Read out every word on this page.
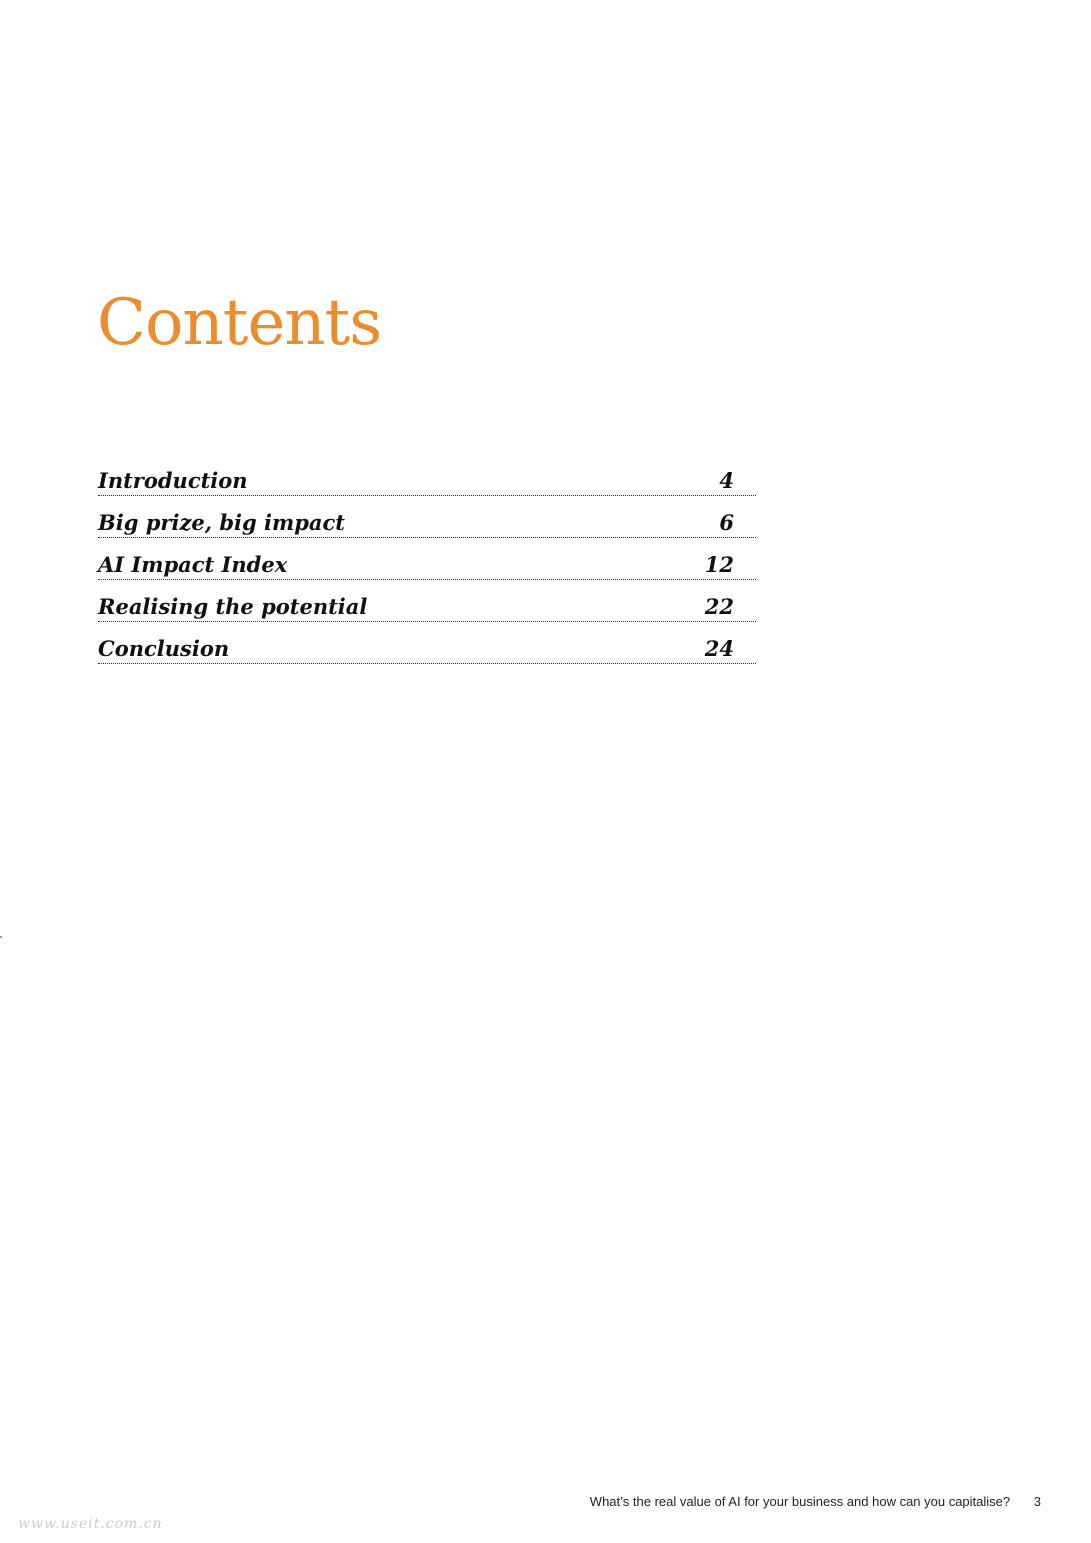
Contents
Introduction	4
Big prize, big impact	6
AI Impact Index	12
Realising the potential	22
Conclusion	24
What’s the real value of AI for your business and how can you capitalise? 3
www.useit.com.cn
